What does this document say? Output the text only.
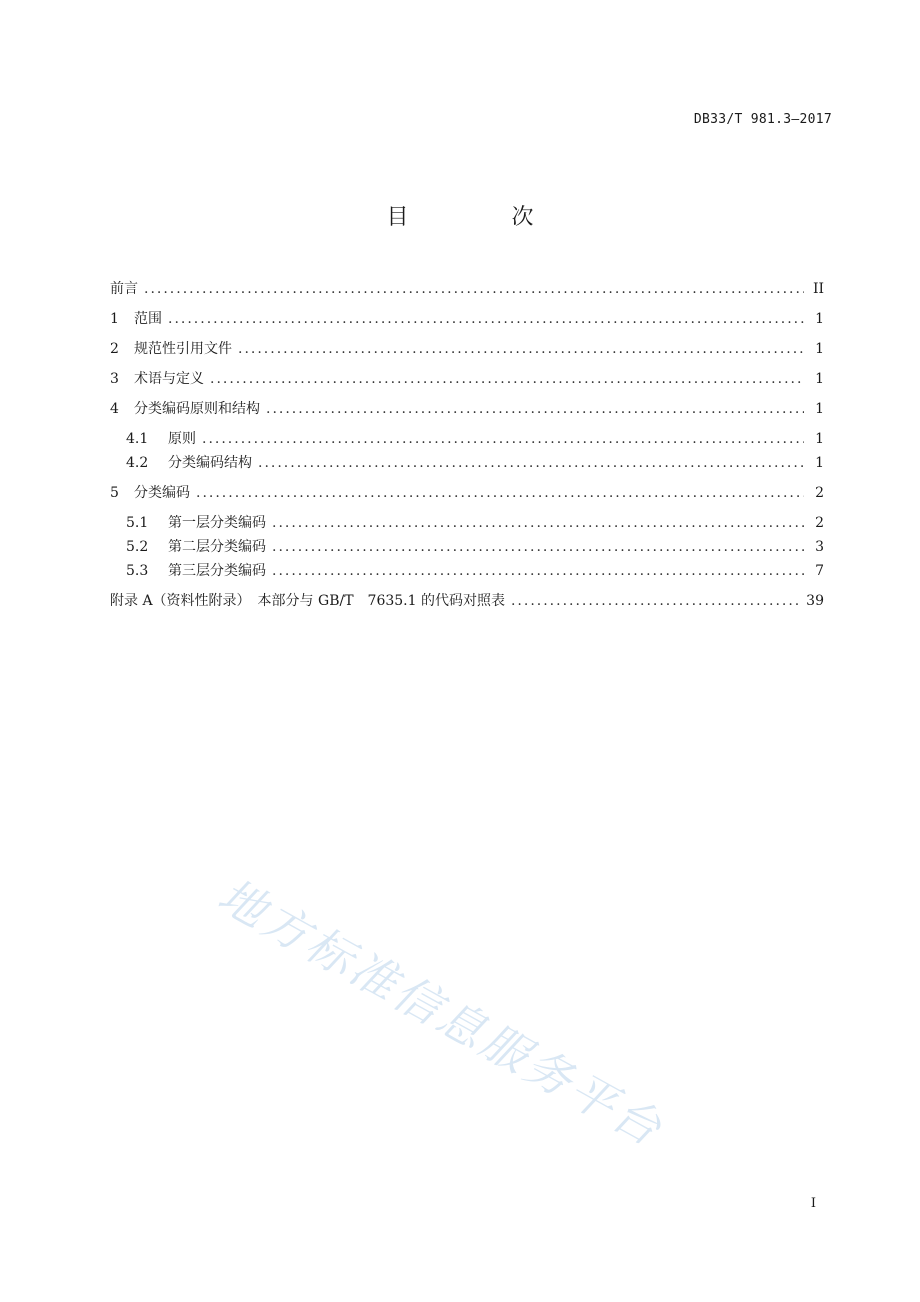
DB33/T 981.3—2017
目 次
前言 .....	II
1 范围 .....	1
2 规范性引用文件 .....	1
3 术语与定义 .....	1
4 分类编码原则和结构 .....	1
4.1 原则 .....	1
4.2 分类编码结构 .....	1
5 分类编码 .....	2
5.1 第一层分类编码 .....	2
5.2 第二层分类编码 .....	3
5.3 第三层分类编码 .....	7
附录 A（资料性附录）　本部分与 GB/T　7635.1 的代码对照表 .....	39
地方标准信息服务平台
I
